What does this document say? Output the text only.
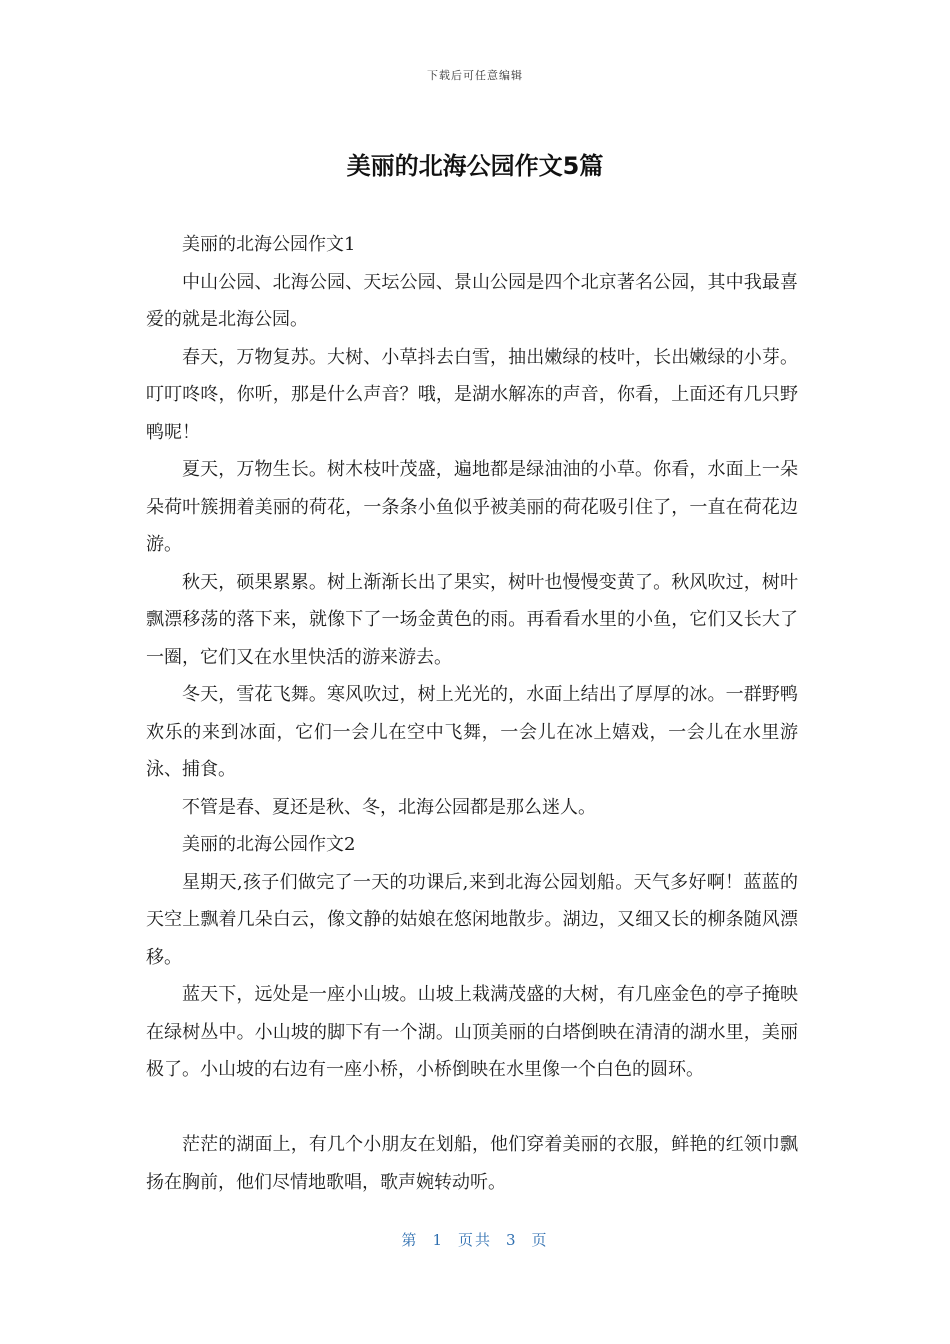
下载后可任意编辑
美丽的北海公园作文5篇

美丽的北海公园作文1

中山公园、北海公园、天坛公园、景山公园是四个北京著名公园，其中我最喜爱的就是北海公园。

春天，万物复苏。大树、小草抖去白雪，抽出嫩绿的枝叶，长出嫩绿的小芽。叮叮咚咚，你听，那是什么声音？哦，是湖水解冻的声音，你看，上面还有几只野鸭呢！

夏天，万物生长。树木枝叶茂盛，遍地都是绿油油的小草。你看，水面上一朵朵荷叶簇拥着美丽的荷花，一条条小鱼似乎被美丽的荷花吸引住了，一直在荷花边游。

秋天，硕果累累。树上渐渐长出了果实，树叶也慢慢变黄了。秋风吹过，树叶飘漂移荡的落下来，就像下了一场金黄色的雨。再看看水里的小鱼，它们又长大了一圈，它们又在水里快活的游来游去。

冬天，雪花飞舞。寒风吹过，树上光光的，水面上结出了厚厚的冰。一群野鸭欢乐的来到冰面，它们一会儿在空中飞舞，一会儿在冰上嬉戏，一会儿在水里游泳、捕食。

不管是春、夏还是秋、冬，北海公园都是那么迷人。

美丽的北海公园作文2

星期天,孩子们做完了一天的功课后,来到北海公园划船。天气多好啊！蓝蓝的天空上飘着几朵白云，像文静的姑娘在悠闲地散步。湖边，又细又长的柳条随风漂移。

蓝天下，远处是一座小山坡。山坡上栽满茂盛的大树，有几座金色的亭子掩映在绿树丛中。小山坡的脚下有一个湖。山顶美丽的白塔倒映在清清的湖水里，美丽极了。小山坡的右边有一座小桥，小桥倒映在水里像一个白色的圆环。

茫茫的湖面上，有几个小朋友在划船，他们穿着美丽的衣服，鲜艳的红领巾飘扬在胸前，他们尽情地歌唱，歌声婉转动听。

第 1 页共 3 页
